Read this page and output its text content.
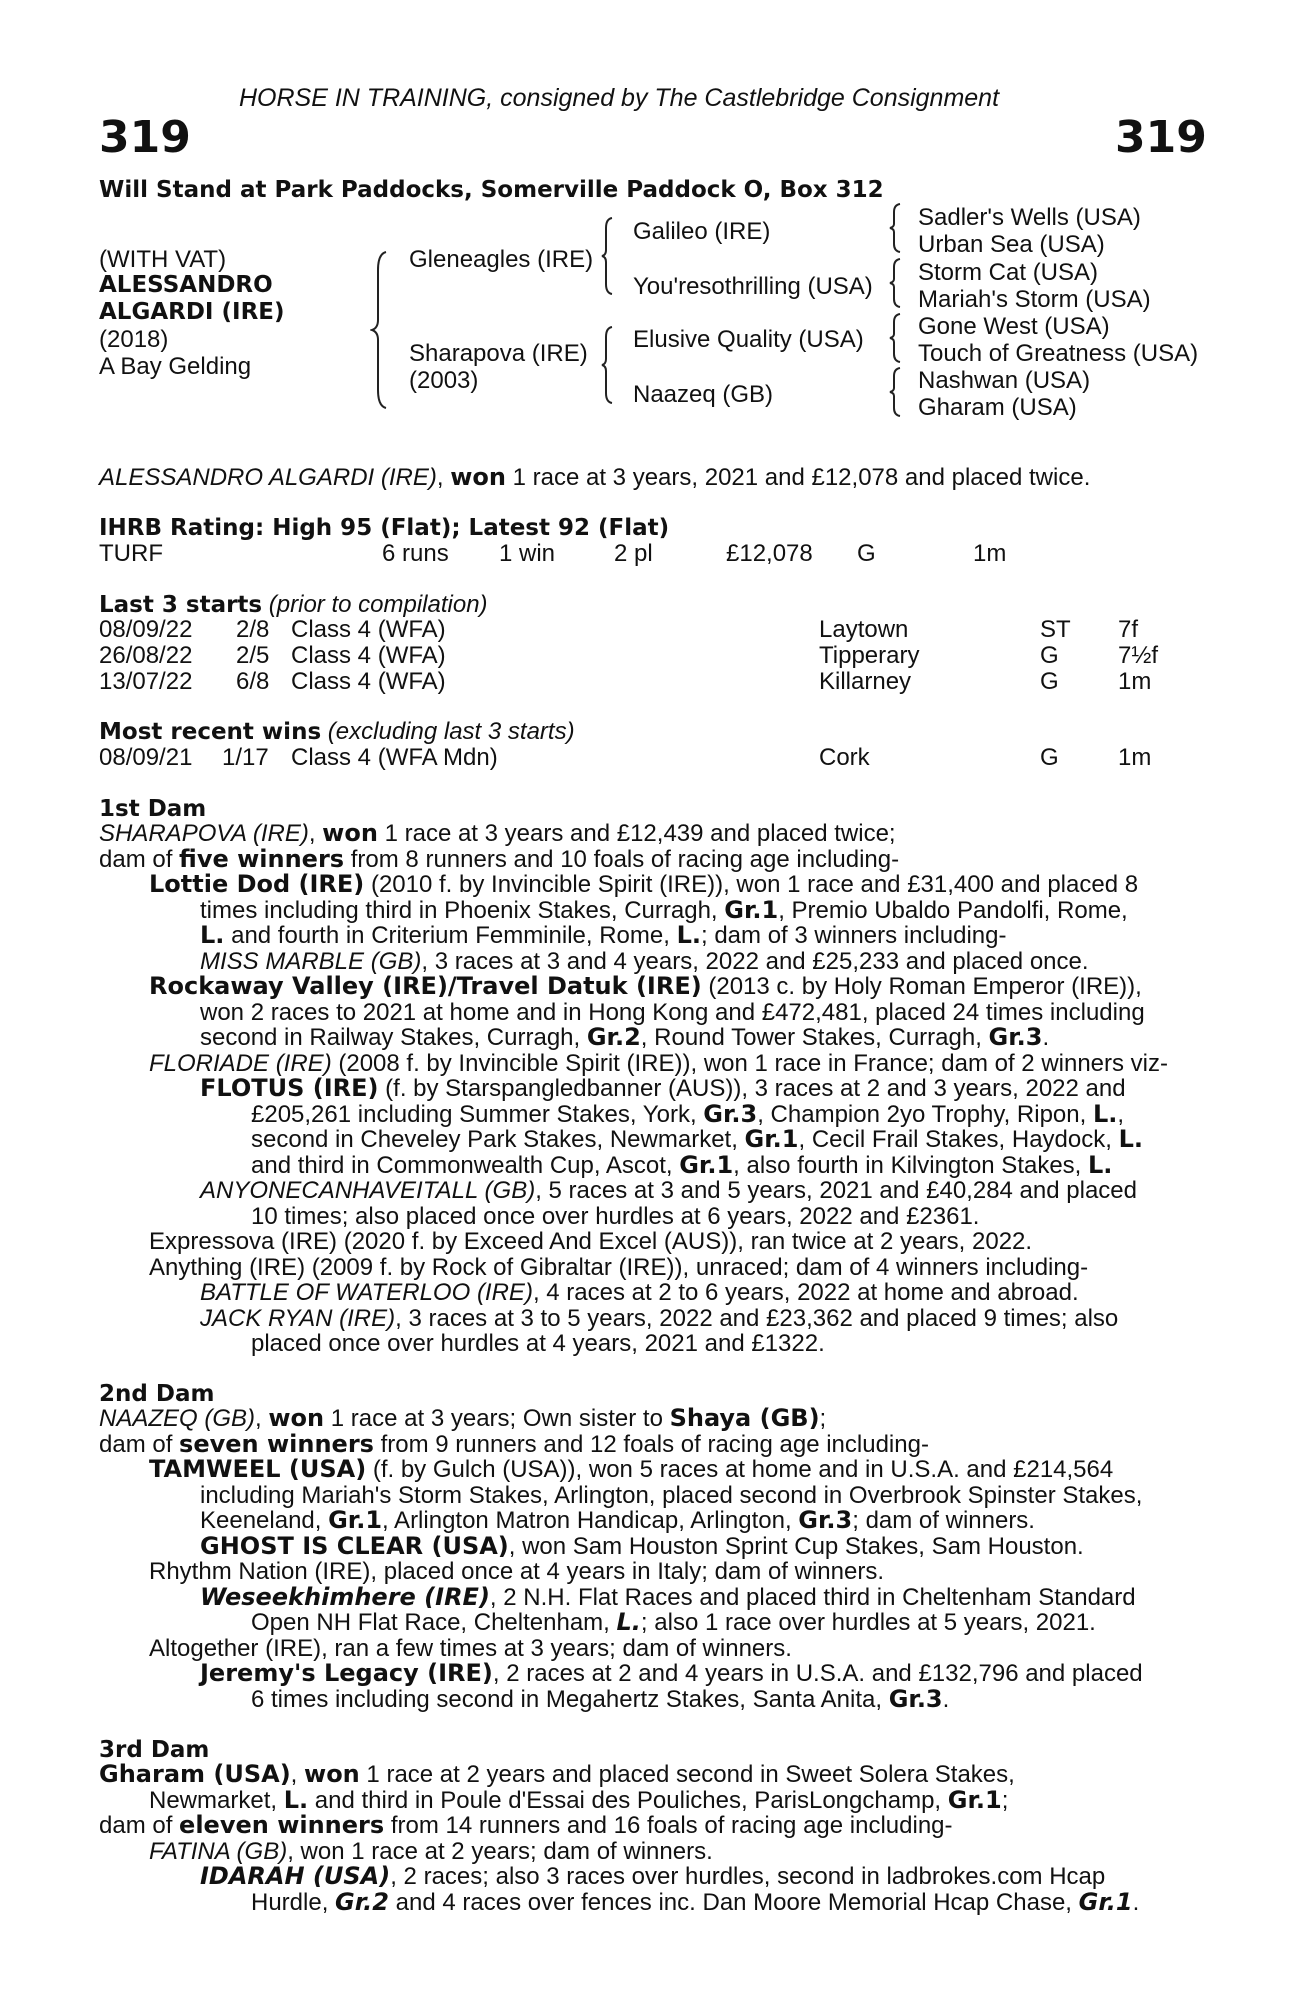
HORSE IN TRAINING, consigned by The Castlebridge Consignment
319	319
Will Stand at Park Paddocks, Somerville Paddock O, Box 312
(WITH VAT)
ALESSANDRO
ALGARDI (IRE)
(2018)
A Bay Gelding
Gleneagles (IRE)
Sharapova (IRE)
(2003)
Galileo (IRE)
You'resothrilling (USA)
Elusive Quality (USA)
Naazeq (GB)
Sadler's Wells (USA)
Urban Sea (USA)
Storm Cat (USA)
Mariah's Storm (USA)
Gone West (USA)
Touch of Greatness (USA)
Nashwan (USA)
Gharam (USA)
ALESSANDRO ALGARDI (IRE), won 1 race at 3 years, 2021 and £12,078 and placed twice.
IHRB Rating: High 95 (Flat); Latest 92 (Flat)
TURF	6 runs 1 win 2 pl	£12,078 G	1m
Last 3 starts (prior to compilation)
08/09/22 2/8 Class 4 (WFA)	Laytown	ST 7f
26/08/22 2/5 Class 4 (WFA)	Tipperary	G 7½f
13/07/22 6/8 Class 4 (WFA)	Killarney	G 1m
Most recent wins (excluding last 3 starts)
08/09/21 1/17 Class 4 (WFA Mdn)	Cork	G 1m
1st Dam
SHARAPOVA (IRE), won 1 race at 3 years and £12,439 and placed twice;
dam of five winners from 8 runners and 10 foals of racing age including-
Lottie Dod (IRE) (2010 f. by Invincible Spirit (IRE)), won 1 race and £31,400 and placed 8
times including third in Phoenix Stakes, Curragh, Gr.1, Premio Ubaldo Pandolfi, Rome,
L. and fourth in Criterium Femminile, Rome, L.; dam of 3 winners including-
MISS MARBLE (GB), 3 races at 3 and 4 years, 2022 and £25,233 and placed once.
Rockaway Valley (IRE)/Travel Datuk (IRE) (2013 c. by Holy Roman Emperor (IRE)),
won 2 races to 2021 at home and in Hong Kong and £472,481, placed 24 times including
second in Railway Stakes, Curragh, Gr.2, Round Tower Stakes, Curragh, Gr.3.
FLORIADE (IRE) (2008 f. by Invincible Spirit (IRE)), won 1 race in France; dam of 2 winners viz-
FLOTUS (IRE) (f. by Starspangledbanner (AUS)), 3 races at 2 and 3 years, 2022 and
£205,261 including Summer Stakes, York, Gr.3, Champion 2yo Trophy, Ripon, L.,
second in Cheveley Park Stakes, Newmarket, Gr.1, Cecil Frail Stakes, Haydock, L.
and third in Commonwealth Cup, Ascot, Gr.1, also fourth in Kilvington Stakes, L.
ANYONECANHAVEITALL (GB), 5 races at 3 and 5 years, 2021 and £40,284 and placed
10 times; also placed once over hurdles at 6 years, 2022 and £2361.
Expressova (IRE) (2020 f. by Exceed And Excel (AUS)), ran twice at 2 years, 2022.
Anything (IRE) (2009 f. by Rock of Gibraltar (IRE)), unraced; dam of 4 winners including-
BATTLE OF WATERLOO (IRE), 4 races at 2 to 6 years, 2022 at home and abroad.
JACK RYAN (IRE), 3 races at 3 to 5 years, 2022 and £23,362 and placed 9 times; also
placed once over hurdles at 4 years, 2021 and £1322.
2nd Dam
NAAZEQ (GB), won 1 race at 3 years; Own sister to Shaya (GB);
dam of seven winners from 9 runners and 12 foals of racing age including-
TAMWEEL (USA) (f. by Gulch (USA)), won 5 races at home and in U.S.A. and £214,564
including Mariah's Storm Stakes, Arlington, placed second in Overbrook Spinster Stakes,
Keeneland, Gr.1, Arlington Matron Handicap, Arlington, Gr.3; dam of winners.
GHOST IS CLEAR (USA), won Sam Houston Sprint Cup Stakes, Sam Houston.
Rhythm Nation (IRE), placed once at 4 years in Italy; dam of winners.
Weseekhimhere (IRE), 2 N.H. Flat Races and placed third in Cheltenham Standard
Open NH Flat Race, Cheltenham, L.; also 1 race over hurdles at 5 years, 2021.
Altogether (IRE), ran a few times at 3 years; dam of winners.
Jeremy's Legacy (IRE), 2 races at 2 and 4 years in U.S.A. and £132,796 and placed
6 times including second in Megahertz Stakes, Santa Anita, Gr.3.
3rd Dam
Gharam (USA), won 1 race at 2 years and placed second in Sweet Solera Stakes,
Newmarket, L. and third in Poule d'Essai des Pouliches, ParisLongchamp, Gr.1;
dam of eleven winners from 14 runners and 16 foals of racing age including-
FATINA (GB), won 1 race at 2 years; dam of winners.
IDARAH (USA), 2 races; also 3 races over hurdles, second in ladbrokes.com Hcap
Hurdle, Gr.2 and 4 races over fences inc. Dan Moore Memorial Hcap Chase, Gr.1.
